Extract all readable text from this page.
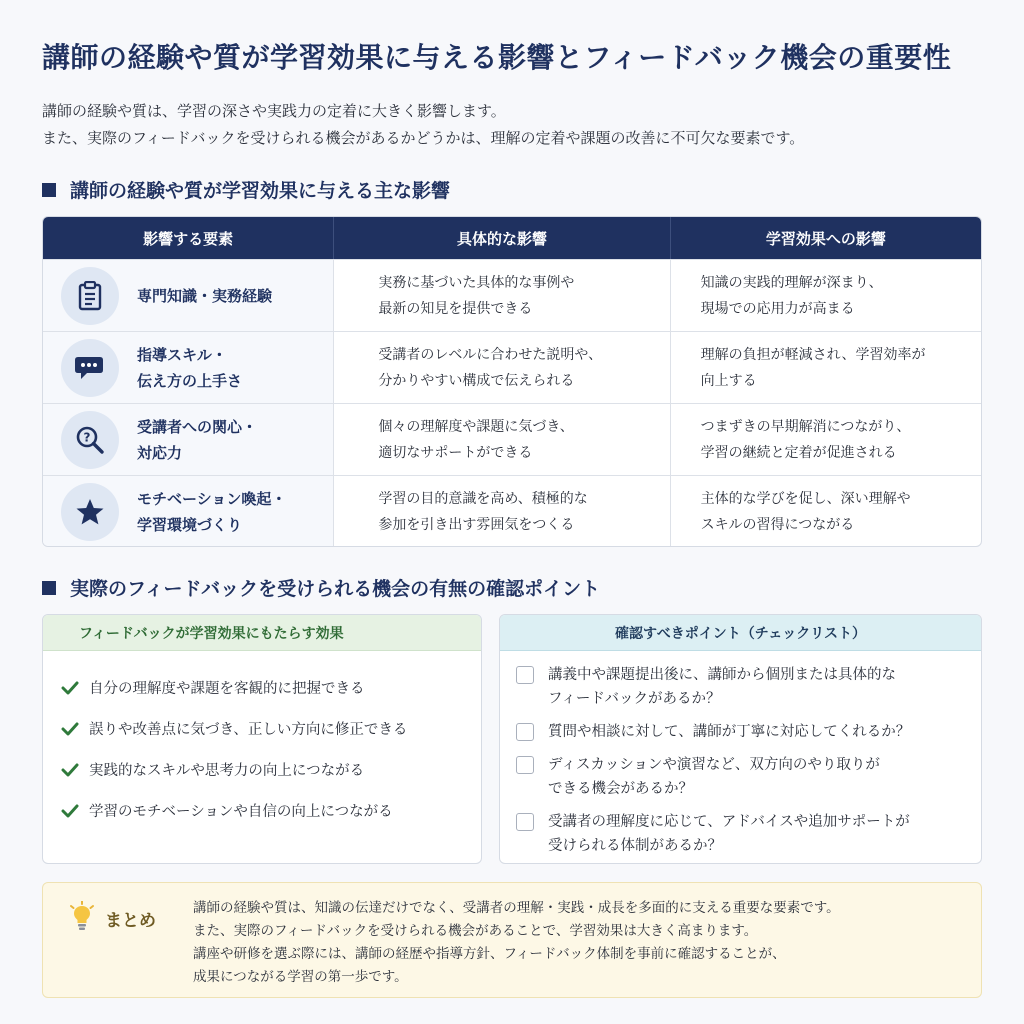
講師の経験や質が学習効果に与える影響とフィードバック機会の重要性

講師の経験や質は、学習の深さや実践力の定着に大きく影響します。

また、実際のフィードバックを受けられる機会があるかどうかは、理解の定着や課題の改善に不可欠な要素です。

講師の経験や質が学習効果に与える主な影響
影響する要素	具体的な影響	学習効果への影響
専門知識・実務経験
実務に基づいた具体的な事例や
最新の知見を提供できる
知識の実践的理解が深まり、
現場での応用力が高まる
指導スキル・
伝え方の上手さ
受講者のレベルに合わせた説明や、
分かりやすい構成で伝えられる
理解の負担が軽減され、学習効率が
向上する
?
受講者への関心・
対応力
個々の理解度や課題に気づき、
適切なサポートができる
つまずきの早期解消につながり、
学習の継続と定着が促進される
モチベーション喚起・
学習環境づくり
学習の目的意識を高め、積極的な
参加を引き出す雰囲気をつくる
主体的な学びを促し、深い理解や
スキルの習得につながる
実際のフィードバックを受けられる機会の有無の確認ポイント
フィードバックが学習効果にもたらす効果
自分の理解度や課題を客観的に把握できる
誤りや改善点に気づき、正しい方向に修正できる
実践的なスキルや思考力の向上につながる
学習のモチベーションや自信の向上につながる
確認すべきポイント（チェックリスト）
講義中や課題提出後に、講師から個別または具体的な
フィードバックがあるか？
質問や相談に対して、講師が丁寧に対応してくれるか？
ディスカッションや演習など、双方向のやり取りが
できる機会があるか？
受講者の理解度に応じて、アドバイスや追加サポートが
受けられる体制があるか？
まとめ

講師の経験や質は、知識の伝達だけでなく、受講者の理解・実践・成長を多面的に支える重要な要素です。
また、実際のフィードバックを受けられる機会があることで、学習効果は大きく高まります。
講座や研修を選ぶ際には、講師の経歴や指導方針、フィードバック体制を事前に確認することが、
成果につながる学習の第一歩です。
